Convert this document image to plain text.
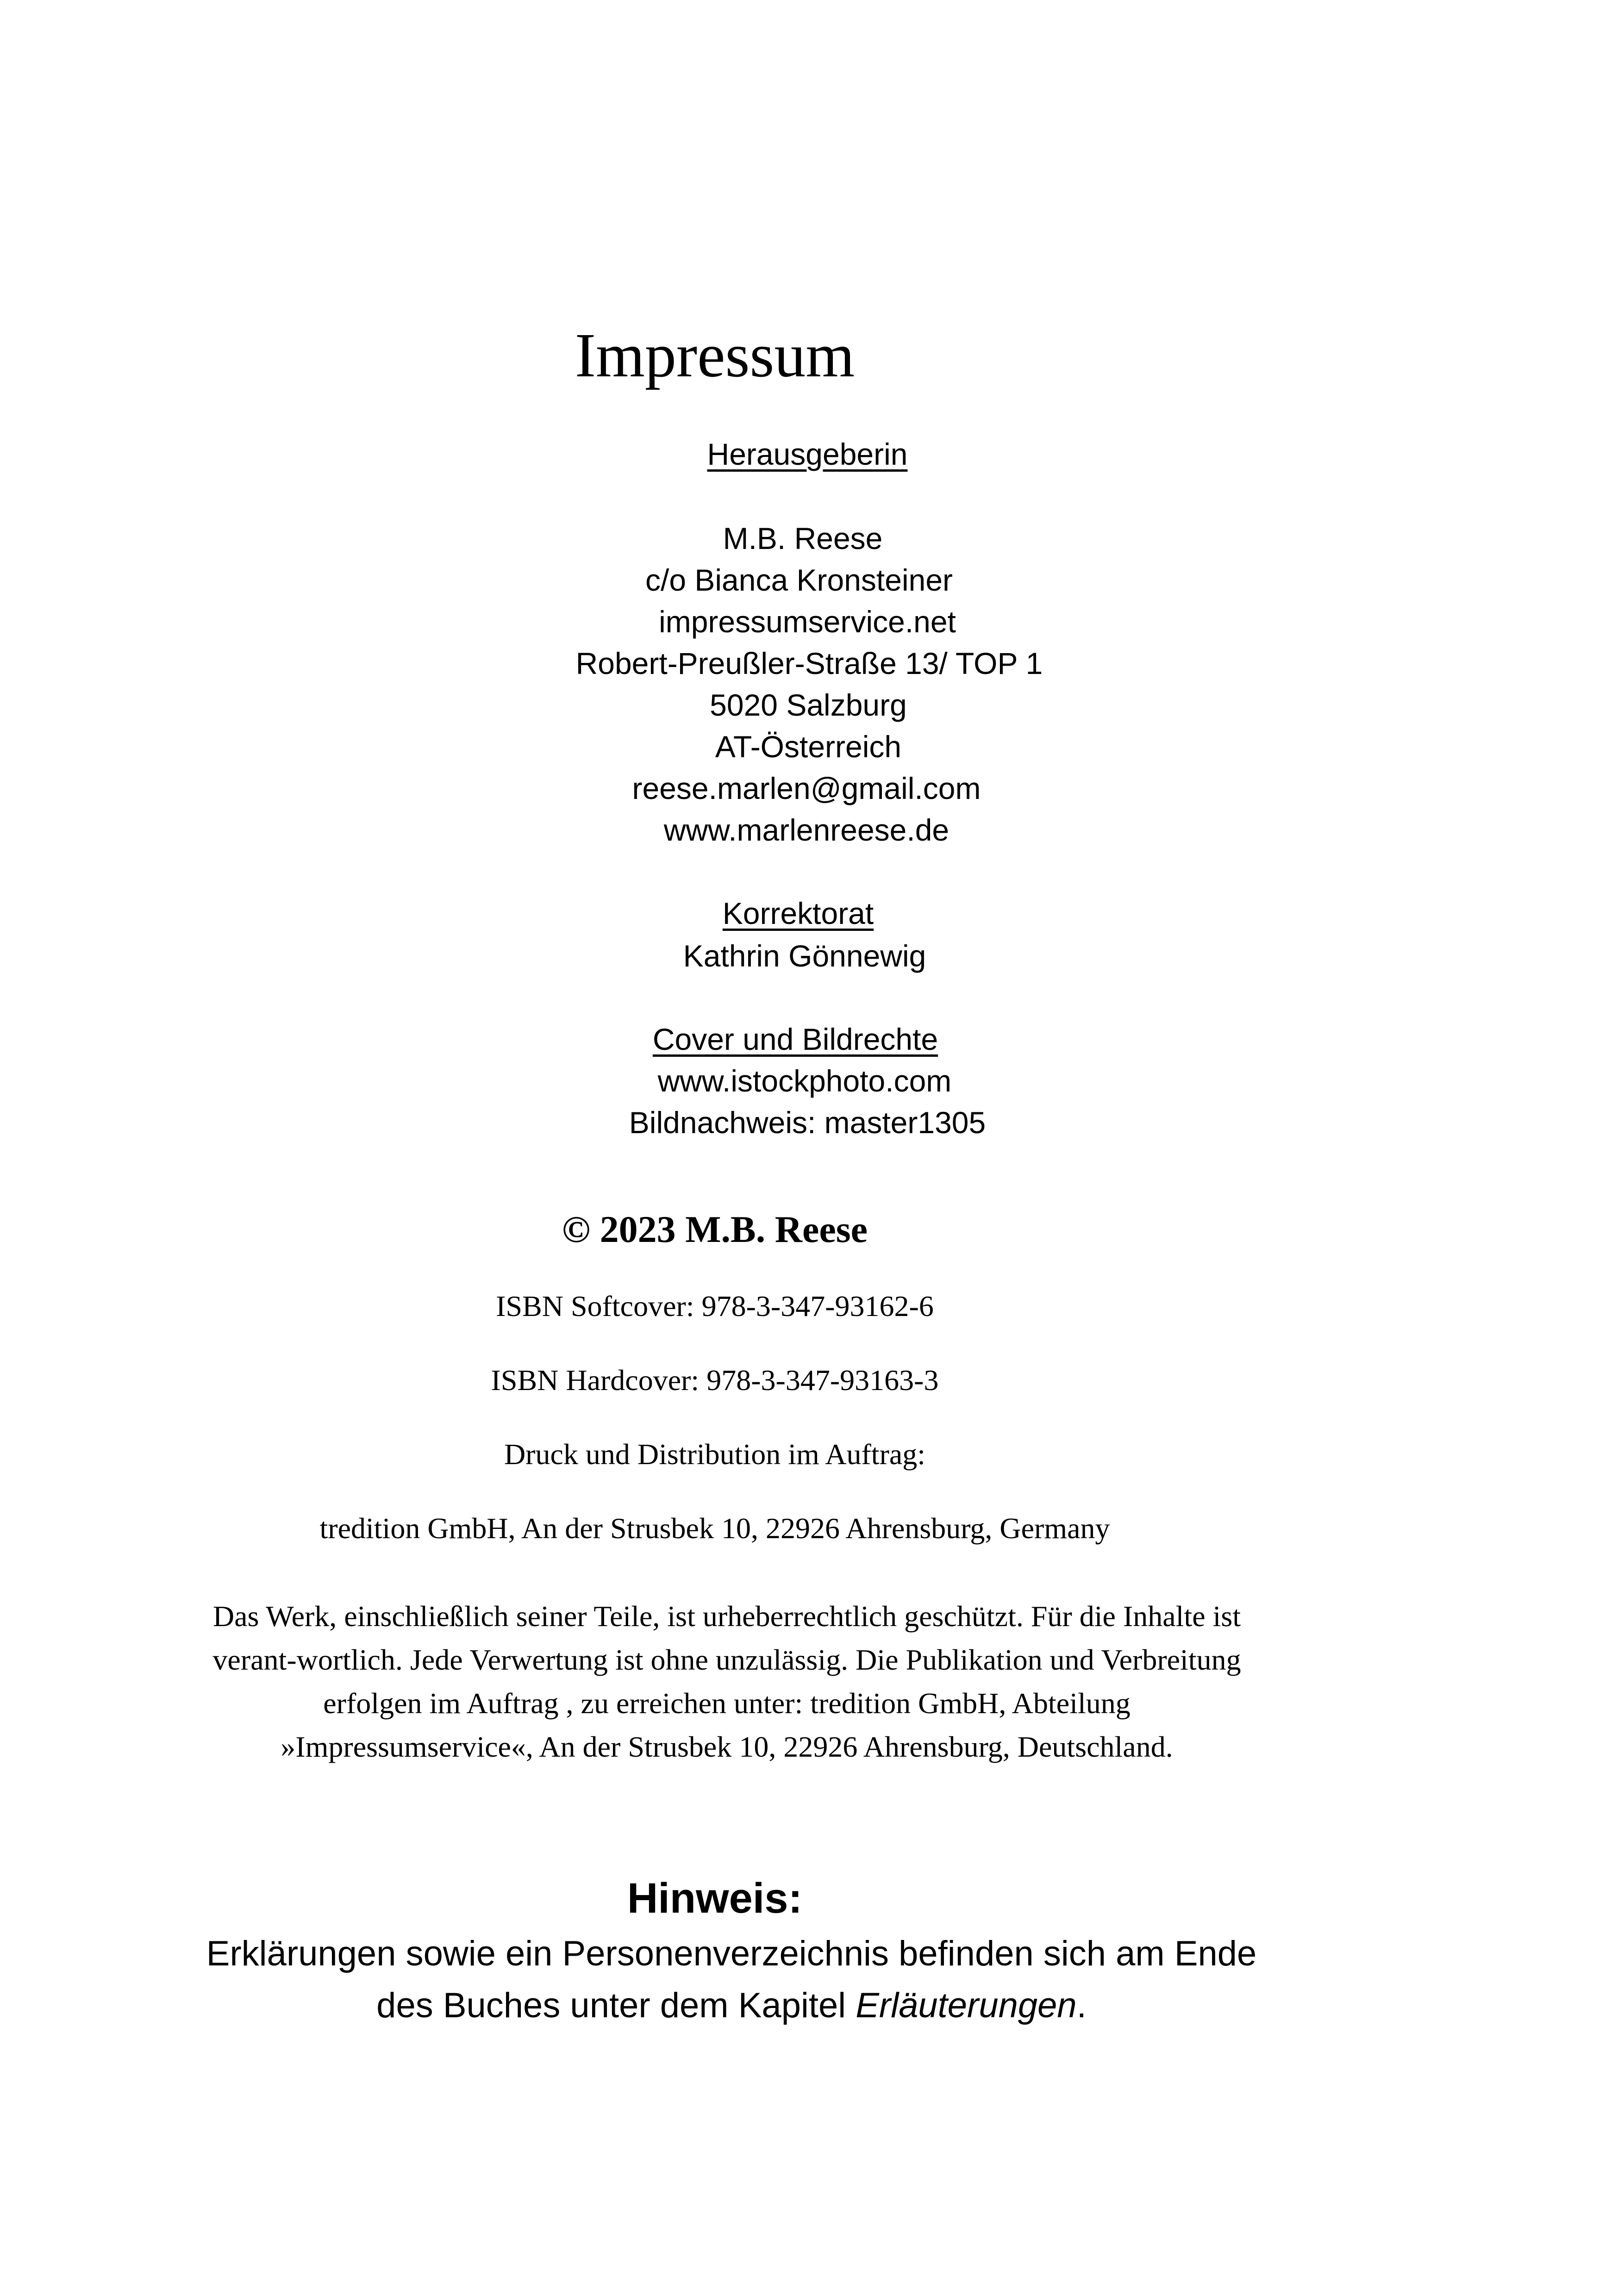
Impressum
Herausgeberin
M.B. Reese
c/o Bianca Kronsteiner
impressumservice.net
Robert-Preußler-Straße 13/ TOP 1
5020 Salzburg
AT-Österreich
reese.marlen@gmail.com
www.marlenreese.de
Korrektorat
Kathrin Gönnewig
Cover und Bildrechte
www.istockphoto.com
Bildnachweis: master1305
© 2023 M.B. Reese
ISBN Softcover: 978-3-347-93162-6
ISBN Hardcover: 978-3-347-93163-3
Druck und Distribution im Auftrag:
tredition GmbH, An der Strusbek 10, 22926 Ahrensburg, Germany
Das Werk, einschließlich seiner Teile, ist urheberrechtlich geschützt. Für die Inhalte ist verant-wortlich. Jede Verwertung ist ohne unzulässig. Die Publikation und Verbreitung erfolgen im Auftrag , zu erreichen unter: tredition GmbH, Abteilung »Impressumservice«, An der Strusbek 10, 22926 Ahrensburg, Deutschland.
Hinweis:
Erklärungen sowie ein Personenverzeichnis befinden sich am Ende des Buches unter dem Kapitel Erläuterungen.
